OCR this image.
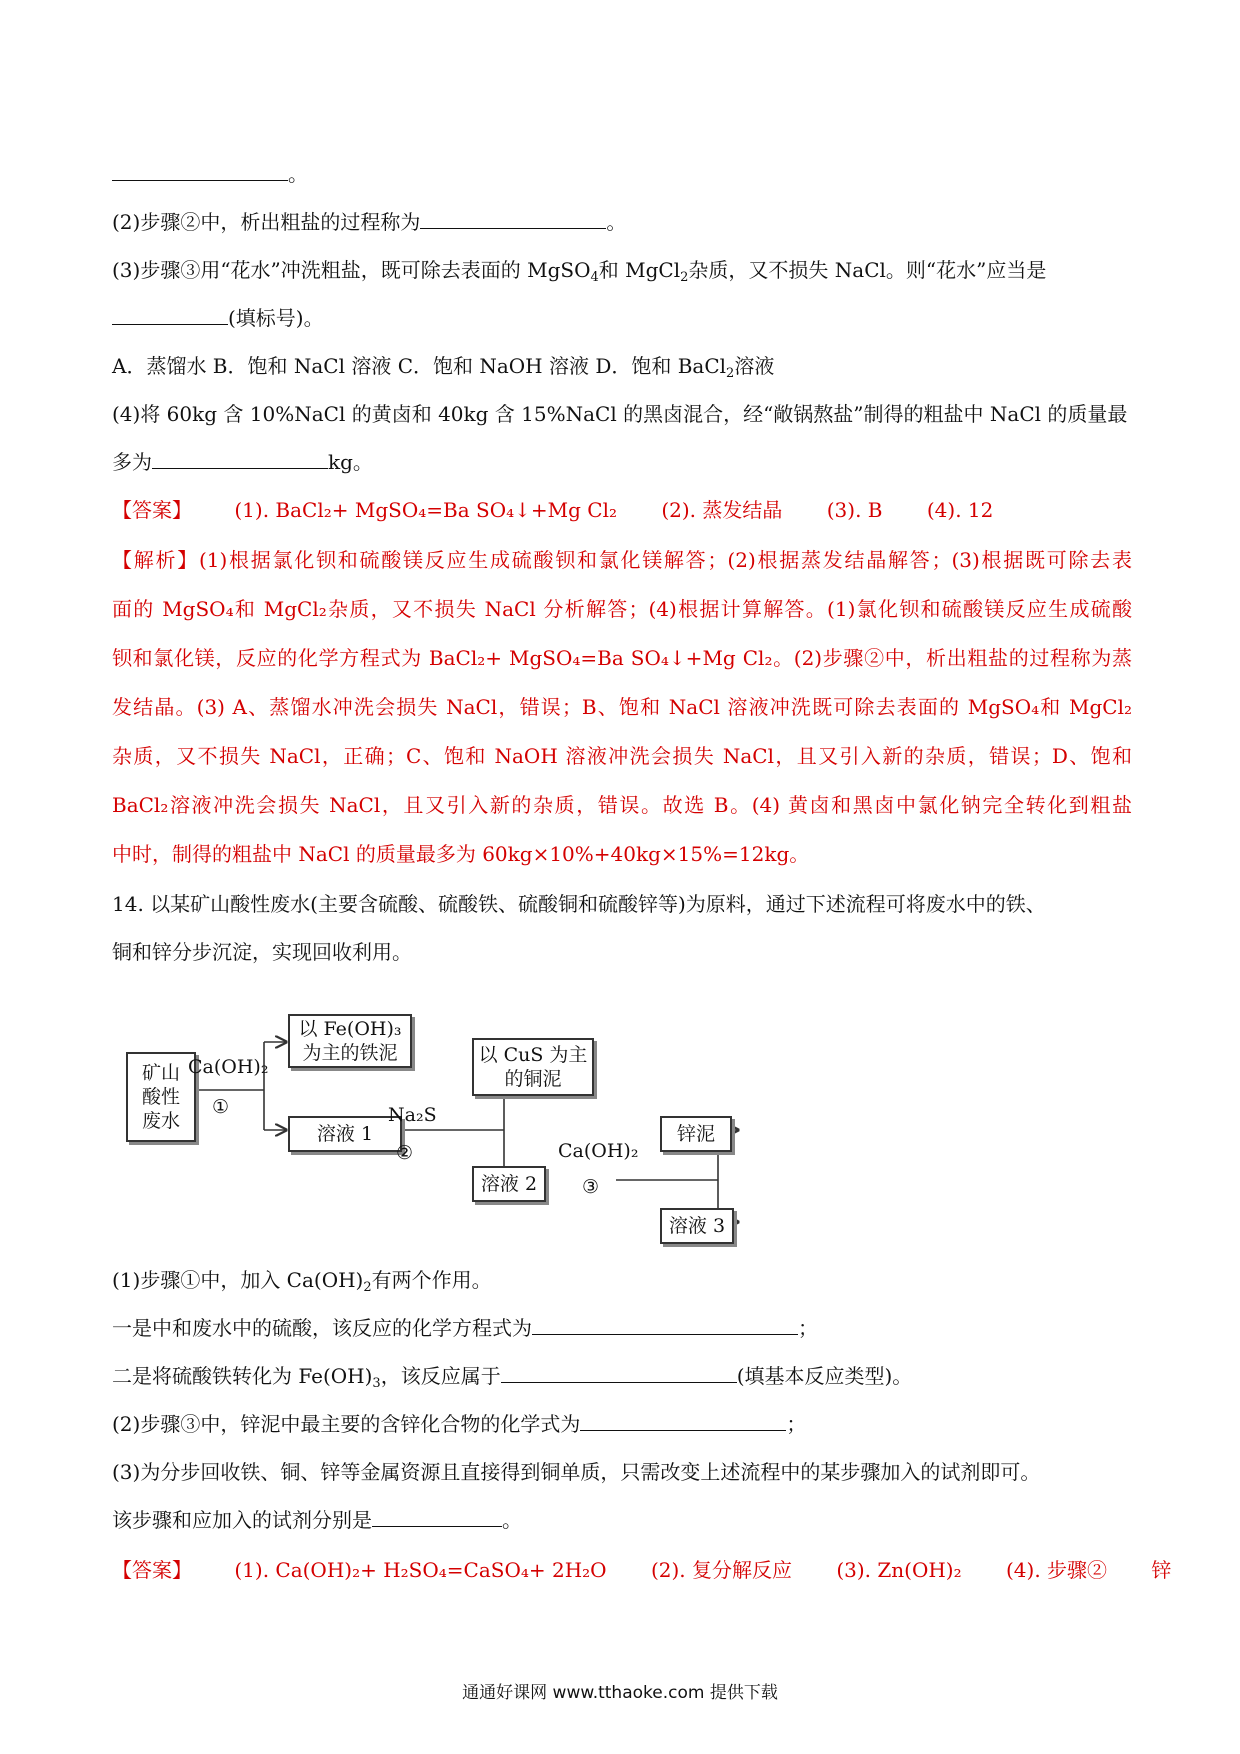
。
(2)步骤②中，析出粗盐的过程称为	。
(3)步骤③用“花水”冲洗粗盐，既可除去表面的 MgSO$_4$和 MgCl$_2$杂质，又不损失 NaCl。则“花水”应当是
(填标号)。
A．蒸馏水 B．饱和 NaCl 溶液 C．饱和 NaOH 溶液 D．饱和 BaCl$_2$溶液
(4)将 60kg 含 10%NaCl 的黄卤和 40kg 含 15%NaCl 的黑卤混合，经“敞锅熬盐”制得的粗盐中 NaCl 的质量最
多为	kg。
【答案】 (1). BaCl₂+ MgSO₄=Ba SO₄↓+Mg Cl₂ (2). 蒸发结晶 (3). B (4). 12
【解析】(1)根据氯化钡和硫酸镁反应生成硫酸钡和氯化镁解答；(2)根据蒸发结晶解答；(3)根据既可除去表
面的 MgSO₄和 MgCl₂杂质，又不损失 NaCl 分析解答；(4)根据计算解答。(1)氯化钡和硫酸镁反应生成硫酸
钡和氯化镁，反应的化学方程式为 BaCl₂+ MgSO₄=Ba SO₄↓+Mg Cl₂。(2)步骤②中，析出粗盐的过程称为蒸
发结晶。(3) A、蒸馏水冲洗会损失 NaCl，错误；B、饱和 NaCl 溶液冲洗既可除去表面的 MgSO₄和 MgCl₂
杂质，又不损失 NaCl，正确；C、饱和 NaOH 溶液冲洗会损失 NaCl，且又引入新的杂质，错误；D、饱和
BaCl₂溶液冲洗会损失 NaCl，且又引入新的杂质，错误。故选 B。(4) 黄卤和黑卤中氯化钠完全转化到粗盐
中时，制得的粗盐中 NaCl 的质量最多为 60kg×10%+40kg×15%=12kg。
14. 以某矿山酸性废水(主要含硫酸、硫酸铁、硫酸铜和硫酸锌等)为原料，通过下述流程可将废水中的铁、
铜和锌分步沉淀，实现回收利用。
矿山酸性废水
Ca(OH)₂
①
以 Fe(OH)₃为主的铁泥
溶液 1
Na₂S
②
以 CuS 为主的铜泥
溶液 2
Ca(OH)₂
③
锌泥
溶液 3
(1)步骤①中，加入 $Ca(OH)_2$有两个作用。
一是中和废水中的硫酸，该反应的化学方程式为	；
二是将硫酸铁转化为 $Fe(OH)_3$，该反应属于	(填基本反应类型)。
(2)步骤③中，锌泥中最主要的含锌化合物的化学式为	；
(3)为分步回收铁、铜、锌等金属资源且直接得到铜单质，只需改变上述流程中的某步骤加入的试剂即可。
该步骤和应加入的试剂分别是	。
【答案】 (1). Ca(OH)₂+ H₂SO₄=CaSO₄+ 2H₂O (2). 复分解反应 (3). Zn(OH)₂ (4). 步骤② 锌
通通好课网 www.tthaoke.com 提供下载
